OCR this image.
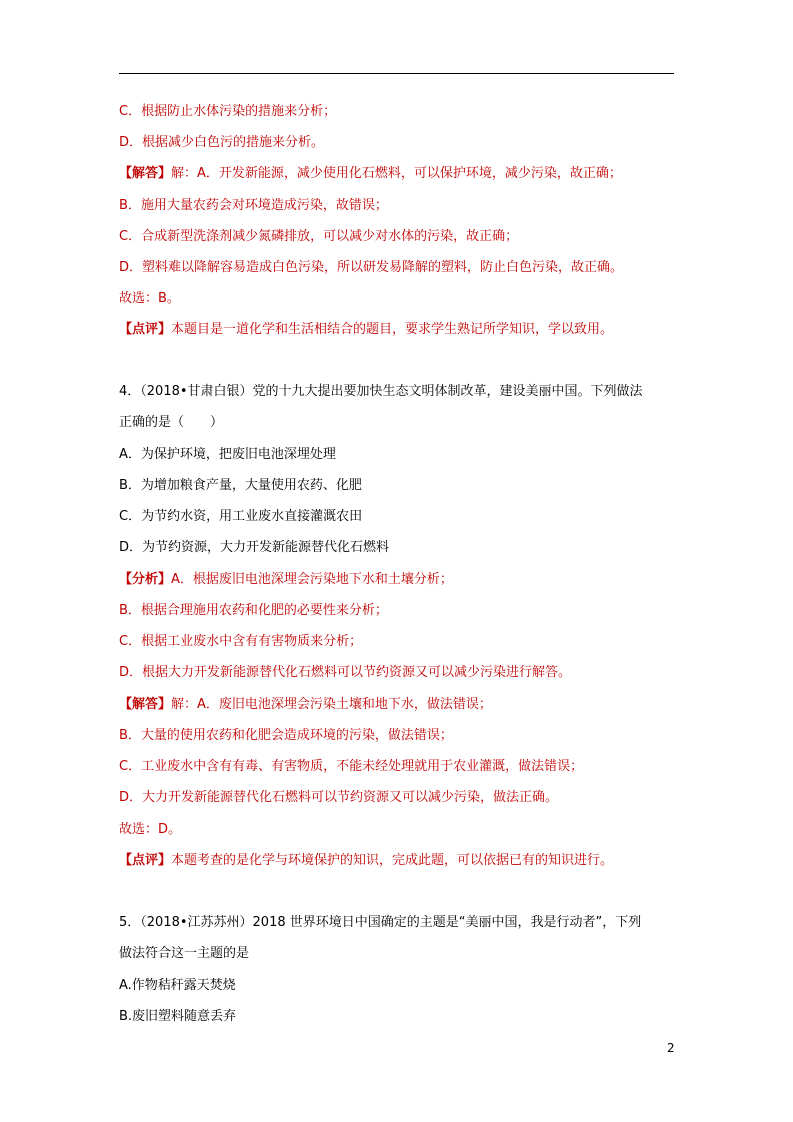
C．根据防止水体污染的措施来分析；
D．根据减少白色污的措施来分析。
【解答】解：A．开发新能源，减少使用化石燃料，可以保护环境，减少污染，故正确；
B．施用大量农药会对环境造成污染，故错误；
C．合成新型洗涤剂减少氮磷排放，可以减少对水体的污染，故正确；
D．塑料难以降解容易造成白色污染，所以研发易降解的塑料，防止白色污染，故正确。
故选：B。
【点评】本题目是一道化学和生活相结合的题目，要求学生熟记所学知识，学以致用。
4．（2018•甘肃白银）党的十九大提出要加快生态文明体制改革，建设美丽中国。下列做法
正确的是（　　）
A．为保护环境，把废旧电池深埋处理
B．为增加粮食产量，大量使用农药、化肥
C．为节约水资，用工业废水直接灌溉农田
D．为节约资源，大力开发新能源替代化石燃料
【分析】A．根据废旧电池深埋会污染地下水和土壤分析；
B．根据合理施用农药和化肥的必要性来分析；
C．根据工业废水中含有有害物质来分析；
D．根据大力开发新能源替代化石燃料可以节约资源又可以减少污染进行解答。
【解答】解：A．废旧电池深埋会污染土壤和地下水，做法错误；
B．大量的使用农药和化肥会造成环境的污染，做法错误；
C．工业废水中含有有毒、有害物质，不能未经处理就用于农业灌溉，做法错误；
D．大力开发新能源替代化石燃料可以节约资源又可以减少污染，做法正确。
故选：D。
【点评】本题考查的是化学与环境保护的知识，完成此题，可以依据已有的知识进行。
5．（2018•江苏苏州）2018 世界环境日中国确定的主题是“美丽中国，我是行动者”，下列
做法符合这一主题的是
A.作物秸秆露天焚烧
B.废旧塑料随意丢弃
2
